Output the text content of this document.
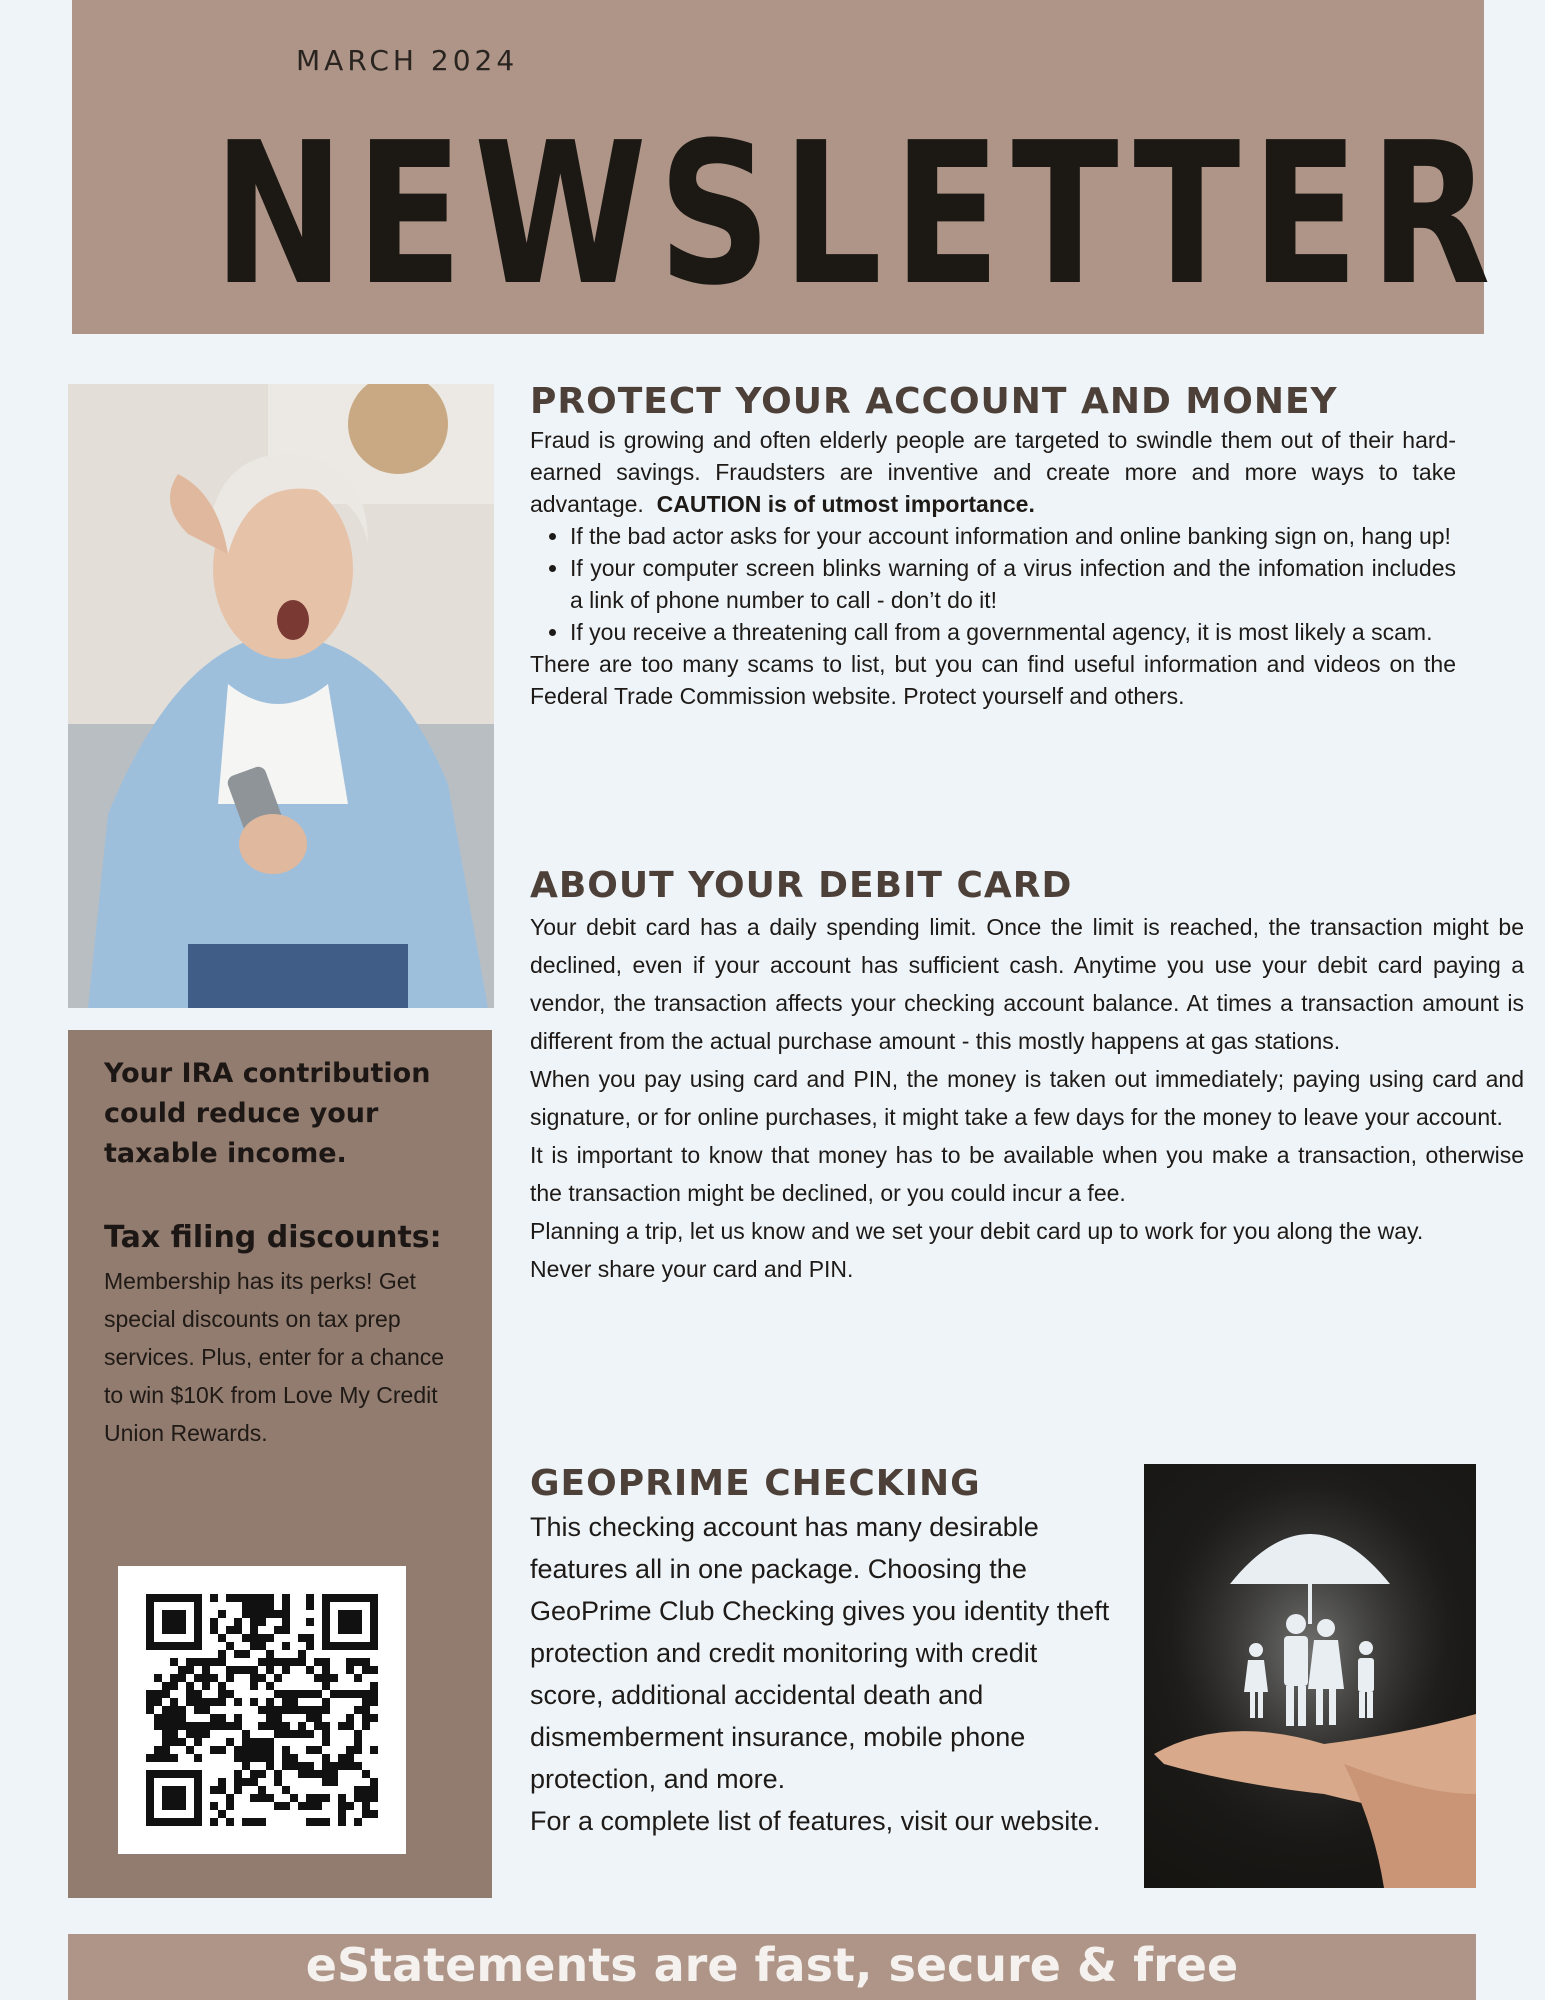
MARCH 2024
NEWSLETTER
Your IRA contribution could reduce your taxable income.
Tax filing discounts:

Membership has its perks! Get special discounts on tax prep services. Plus, enter for a chance to win $10K from Love My Credit Union Rewards.

PROTECT YOUR ACCOUNT AND MONEY

Fraud is growing and often elderly people are targeted to swindle them out of their hard-earned savings. Fraudsters are inventive and create more and more ways to take advantage. CAUTION is of utmost importance.

• If the bad actor asks for your account information and online banking sign on, hang up!
• If your computer screen blinks warning of a virus infection and the infomation includes a link of phone number to call - don’t do it!
• If you receive a threatening call from a governmental agency, it is most likely a scam.

There are too many scams to list, but you can find useful information and videos on the Federal Trade Commission website. Protect yourself and others.

ABOUT YOUR DEBIT CARD

Your debit card has a daily spending limit. Once the limit is reached, the transaction might be declined, even if your account has sufficient cash. Anytime you use your debit card paying a vendor, the transaction affects your checking account balance. At times a transaction amount is different from the actual purchase amount - this mostly happens at gas stations.

When you pay using card and PIN, the money is taken out immediately; paying using card and signature, or for online purchases, it might take a few days for the money to leave your account.

It is important to know that money has to be available when you make a transaction, otherwise the transaction might be declined, or you could incur a fee.

Planning a trip, let us know and we set your debit card up to work for you along the way.

Never share your card and PIN.

GEOPRIME CHECKING

This checking account has many desirable features all in one package. Choosing the GeoPrime Club Checking gives you identity theft protection and credit monitoring with credit score, additional accidental death and dismemberment insurance, mobile phone protection, and more.

For a complete list of features, visit our website.

eStatements are fast, secure & free
